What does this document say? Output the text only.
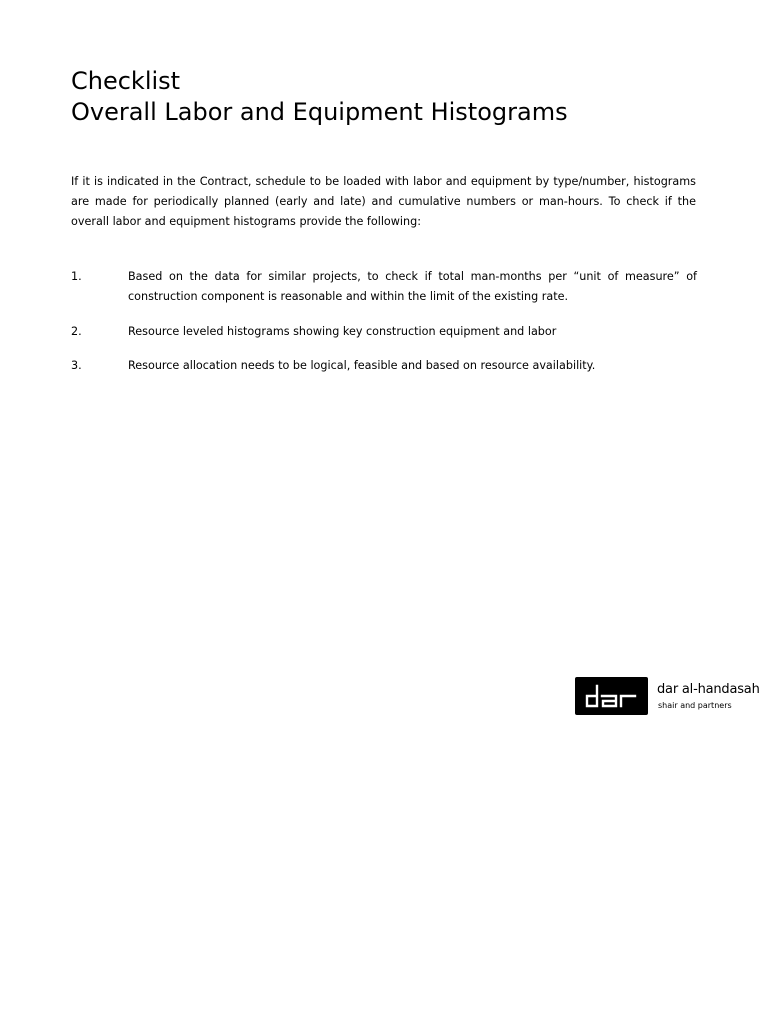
Checklist
Overall Labor and Equipment Histograms

If it is indicated in the Contract, schedule to be loaded with labor and equipment by type/number, histograms are made for periodically planned (early and late) and cumulative numbers or man-hours. To check if the overall labor and equipment histograms provide the following:

1.	Based on the data for similar projects, to check if total man-months per “unit of measure” of construction component is reasonable and within the limit of the existing rate.
2.	Resource leveled histograms showing key construction equipment and labor
3.	Resource allocation needs to be logical, feasible and based on resource availability.
dar al-handasah
shair and partners
